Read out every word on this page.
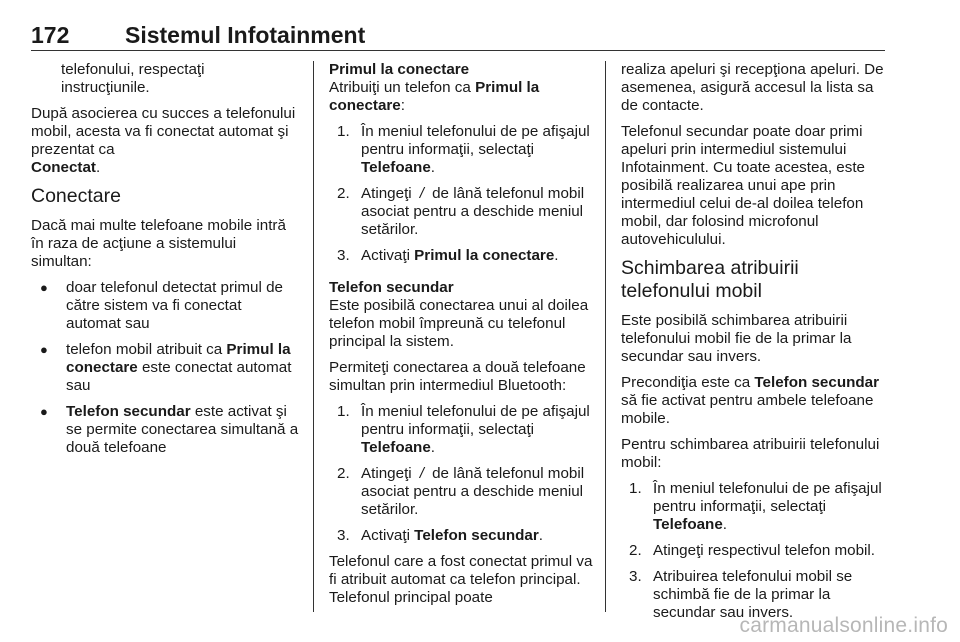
172 Sistemul Infotainment

telefonului, respectaţi
instrucţiunile.

După asocierea cu succes a telefonului mobil, acesta va fi conectat automat şi prezentat ca
Conectat.

Conectare

Dacă mai multe telefoane mobile intră în raza de acţiune a sistemului simultan:

● doar telefonul detectat primul de către sistem va fi conectat automat sau
● telefon mobil atribuit ca Primul la conectare este conectat automat sau
● Telefon secundar este activat şi se permite conectarea simultană a două telefoane
Primul la conectare

Atribuiţi un telefon ca Primul la conectare:

1. În meniul telefonului de pe afişajul pentru informaţii, selectaţi Telefoane.
2. Atingeţi / de lână telefonul mobil asociat pentru a deschide meniul setărilor.
3. Activaţi Primul la conectare.
Telefon secundar

Este posibilă conectarea unui al doilea telefon mobil împreună cu telefonul principal la sistem.

Permiteţi conectarea a două telefoane simultan prin intermediul Bluetooth:

1. În meniul telefonului de pe afişajul pentru informaţii, selectaţi Telefoane.
2. Atingeţi / de lână telefonul mobil asociat pentru a deschide meniul setărilor.
3. Activaţi Telefon secundar.

Telefonul care a fost conectat primul va fi atribuit automat ca telefon principal. Telefonul principal poate

realiza apeluri şi recepţiona apeluri. De asemenea, asigură accesul la lista sa de contacte.

Telefonul secundar poate doar primi apeluri prin intermediul sistemului Infotainment. Cu toate acestea, este posibilă realizarea unui ape prin intermediul celui de-al doilea telefon mobil, dar folosind microfonul autovehiculului.

Schimbarea atribuirii telefonului mobil

Este posibilă schimbarea atribuirii telefonului mobil fie de la primar la secundar sau invers.

Precondiţia este ca Telefon secundar să fie activat pentru ambele telefoane mobile.

Pentru schimbarea atribuirii telefonului mobil:

1. În meniul telefonului de pe afişajul pentru informaţii, selectaţi Telefoane.
2. Atingeţi respectivul telefon mobil.
3. Atribuirea telefonului mobil se schimbă fie de la primar la secundar sau invers.
carmanualsonline.info
